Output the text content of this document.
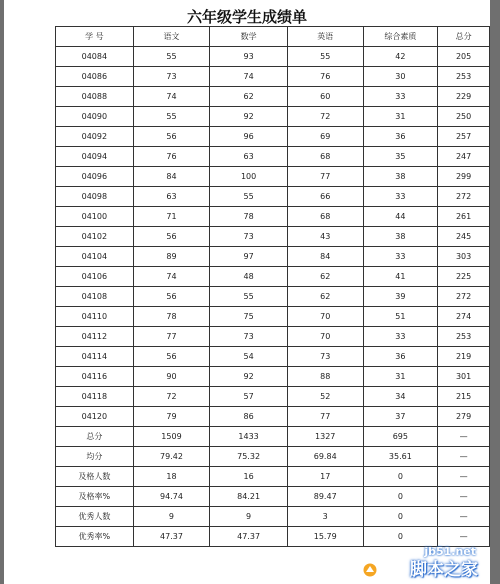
六年级学生成绩单
学 号	语文	数学	英语	综合素质	总分
04084	55	93	55	42	205
04086	73	74	76	30	253
04088	74	62	60	33	229
04090	55	92	72	31	250
04092	56	96	69	36	257
04094	76	63	68	35	247
04096	84	100	77	38	299
04098	63	55	66	33	272
04100	71	78	68	44	261
04102	56	73	43	38	245
04104	89	97	84	33	303
04106	74	48	62	41	225
04108	56	55	62	39	272
04110	78	75	70	51	274
04112	77	73	70	33	253
04114	56	54	73	36	219
04116	90	92	88	31	301
04118	72	57	52	34	215
04120	79	86	77	37	279
总分	1509	1433	1327	695	—
均分	79.42	75.32	69.84	35.61	—
及格人数	18	16	17	0	—
及格率%	94.74	84.21	89.47	0	—
优秀人数	9	9	3	0	—
优秀率%	47.37	47.37	15.79	0	—
jb51.net
脚本之家
